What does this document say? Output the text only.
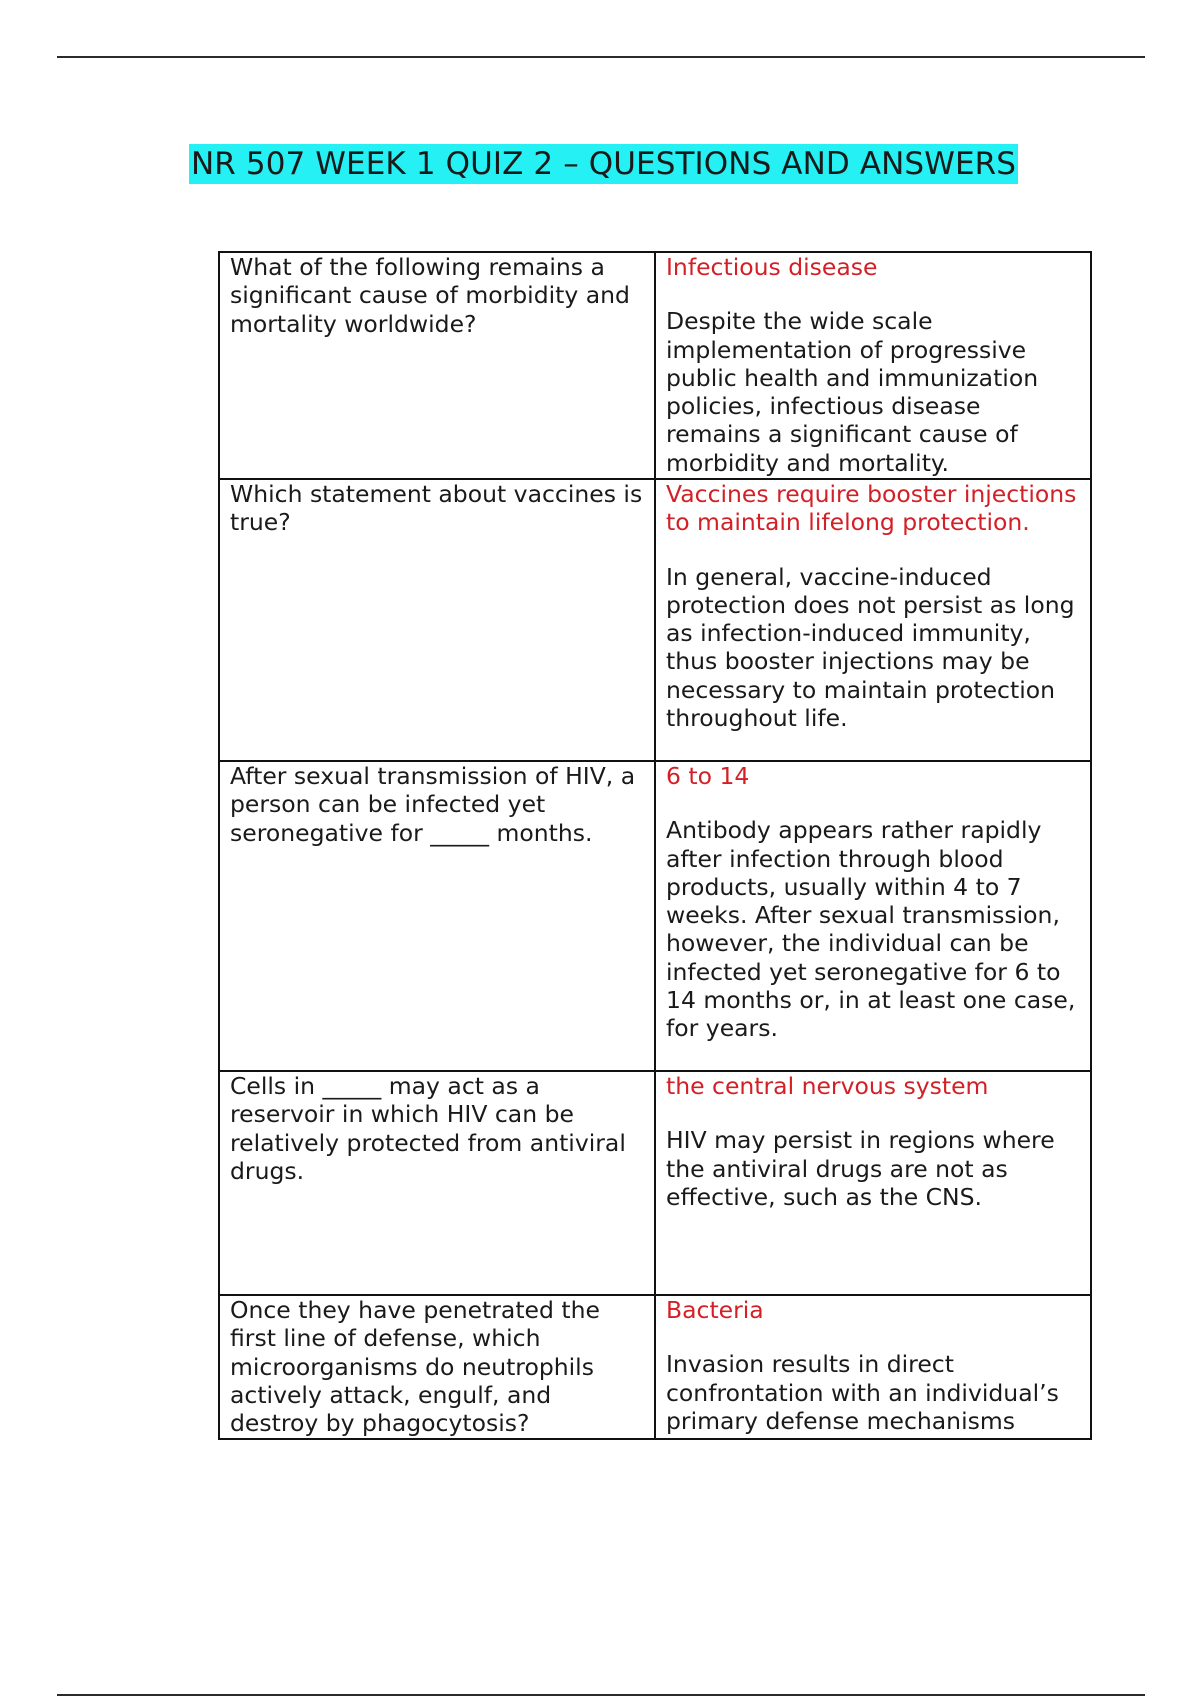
NR 507 WEEK 1 QUIZ 2 – QUESTIONS AND ANSWERS

What of the following remains a significant cause of morbidity and mortality worldwide?	Infectious disease

Despite the wide scale implementation of progressive public health and immunization policies, infectious disease remains a significant cause of morbidity and mortality.

Which statement about vaccines is true?	Vaccines require booster injections to maintain lifelong protection.

In general, vaccine-induced protection does not persist as long as infection-induced immunity, thus booster injections may be necessary to maintain protection throughout life.

After sexual transmission of HIV, a person can be infected yet seronegative for _____ months.	6 to 14

Antibody appears rather rapidly after infection through blood products, usually within 4 to 7 weeks. After sexual transmission, however, the individual can be infected yet seronegative for 6 to 14 months or, in at least one case, for years.

Cells in _____ may act as a reservoir in which HIV can be relatively protected from antiviral drugs.	the central nervous system

HIV may persist in regions where the antiviral drugs are not as effective, such as the CNS.

Once they have penetrated the first line of defense, which microorganisms do neutrophils actively attack, engulf, and destroy by phagocytosis?	Bacteria

Invasion results in direct confrontation with an individual’s primary defense mechanisms
